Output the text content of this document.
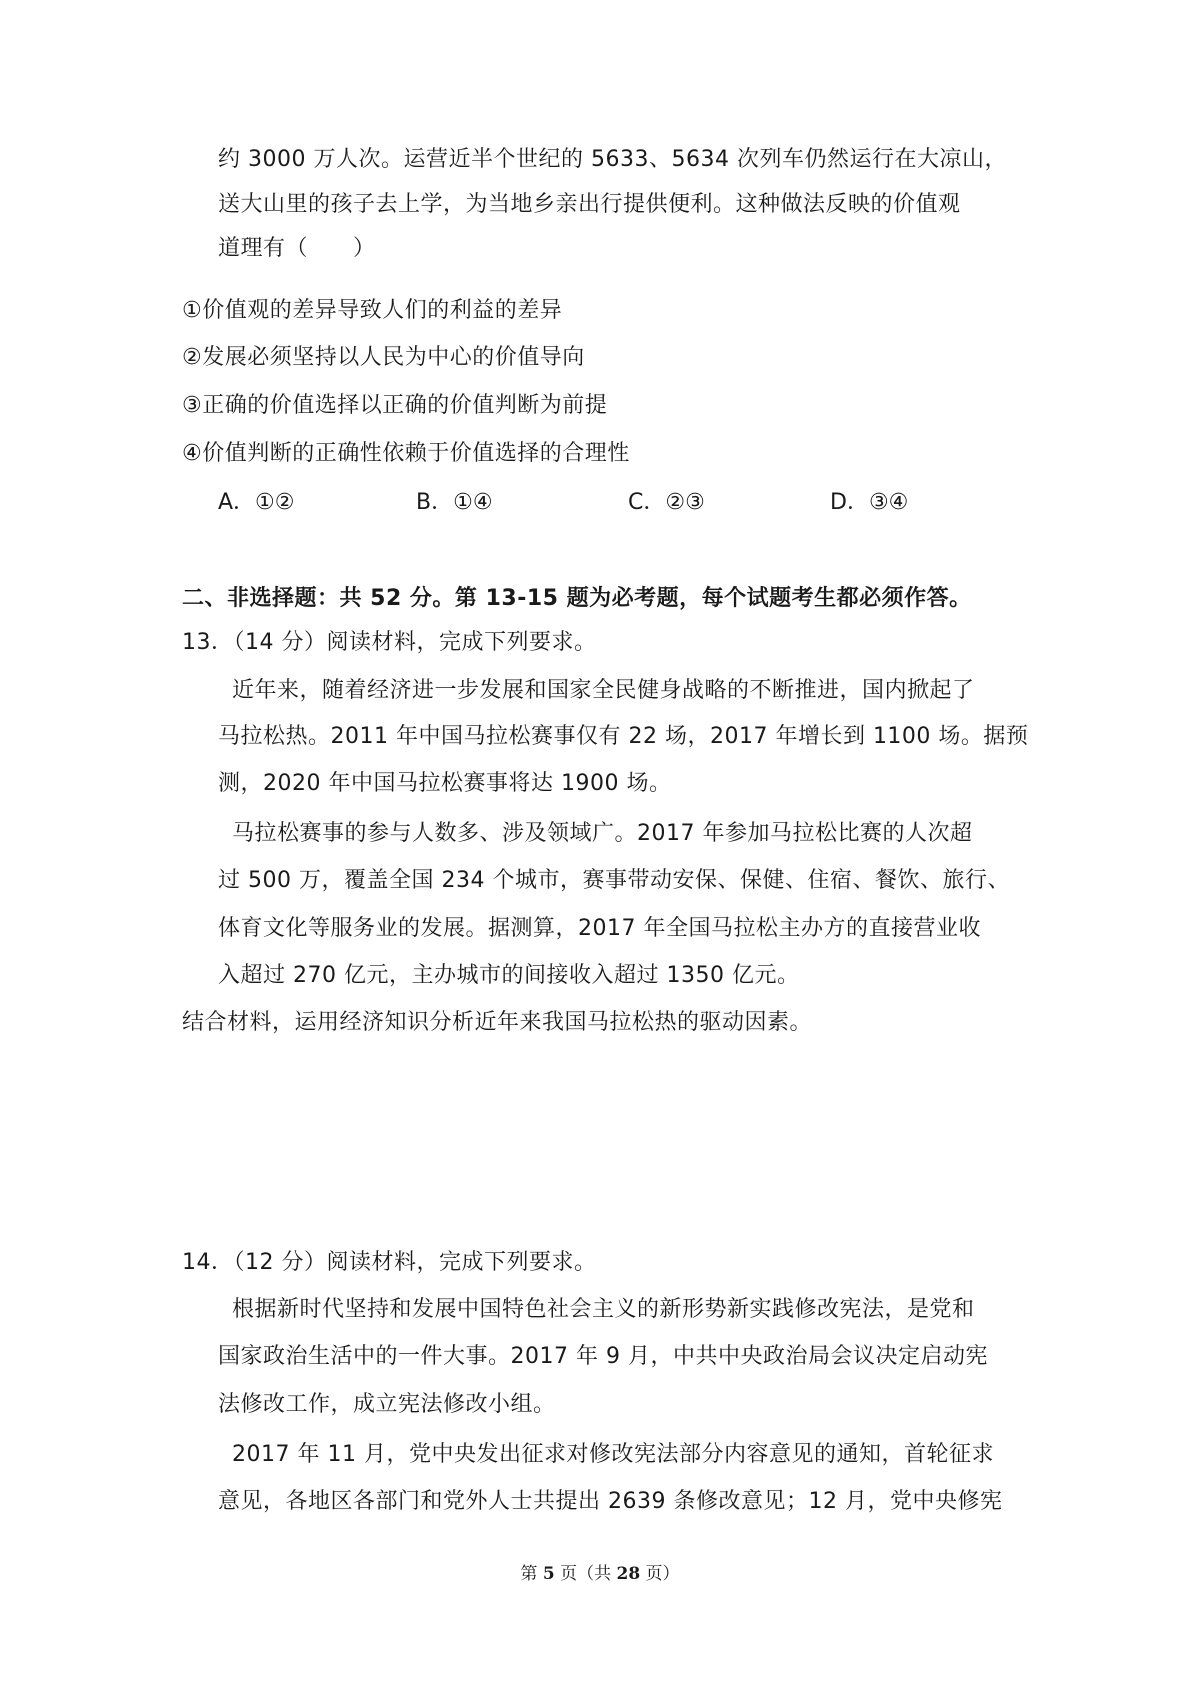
约 3000 万人次。运营近半个世纪的 5633、5634 次列车仍然运行在大凉山，
送大山里的孩子去上学，为当地乡亲出行提供便利。这种做法反映的价值观
道理有（　　）
①价值观的差异导致人们的利益的差异
②发展必须坚持以人民为中心的价值导向
③正确的价值选择以正确的价值判断为前提
④价值判断的正确性依赖于价值选择的合理性
A．①②	B．①④	C．②③	D．③④
二、非选择题：共 52 分。第 13-15 题为必考题，每个试题考生都必须作答。
13．（14 分）阅读材料，完成下列要求。
近年来，随着经济进一步发展和国家全民健身战略的不断推进，国内掀起了
马拉松热。2011 年中国马拉松赛事仅有 22 场，2017 年增长到 1100 场。据预
测，2020 年中国马拉松赛事将达 1900 场。
马拉松赛事的参与人数多、涉及领域广。2017 年参加马拉松比赛的人次超
过 500 万，覆盖全国 234 个城市，赛事带动安保、保健、住宿、餐饮、旅行、
体育文化等服务业的发展。据测算，2017 年全国马拉松主办方的直接营业收
入超过 270 亿元，主办城市的间接收入超过 1350 亿元。
结合材料，运用经济知识分析近年来我国马拉松热的驱动因素。
14．（12 分）阅读材料，完成下列要求。
根据新时代坚持和发展中国特色社会主义的新形势新实践修改宪法，是党和
国家政治生活中的一件大事。2017 年 9 月，中共中央政治局会议决定启动宪
法修改工作，成立宪法修改小组。
2017 年 11 月，党中央发出征求对修改宪法部分内容意见的通知，首轮征求
意见，各地区各部门和党外人士共提出 2639 条修改意见；12 月，党中央修宪
第 5 页（共 28 页）
